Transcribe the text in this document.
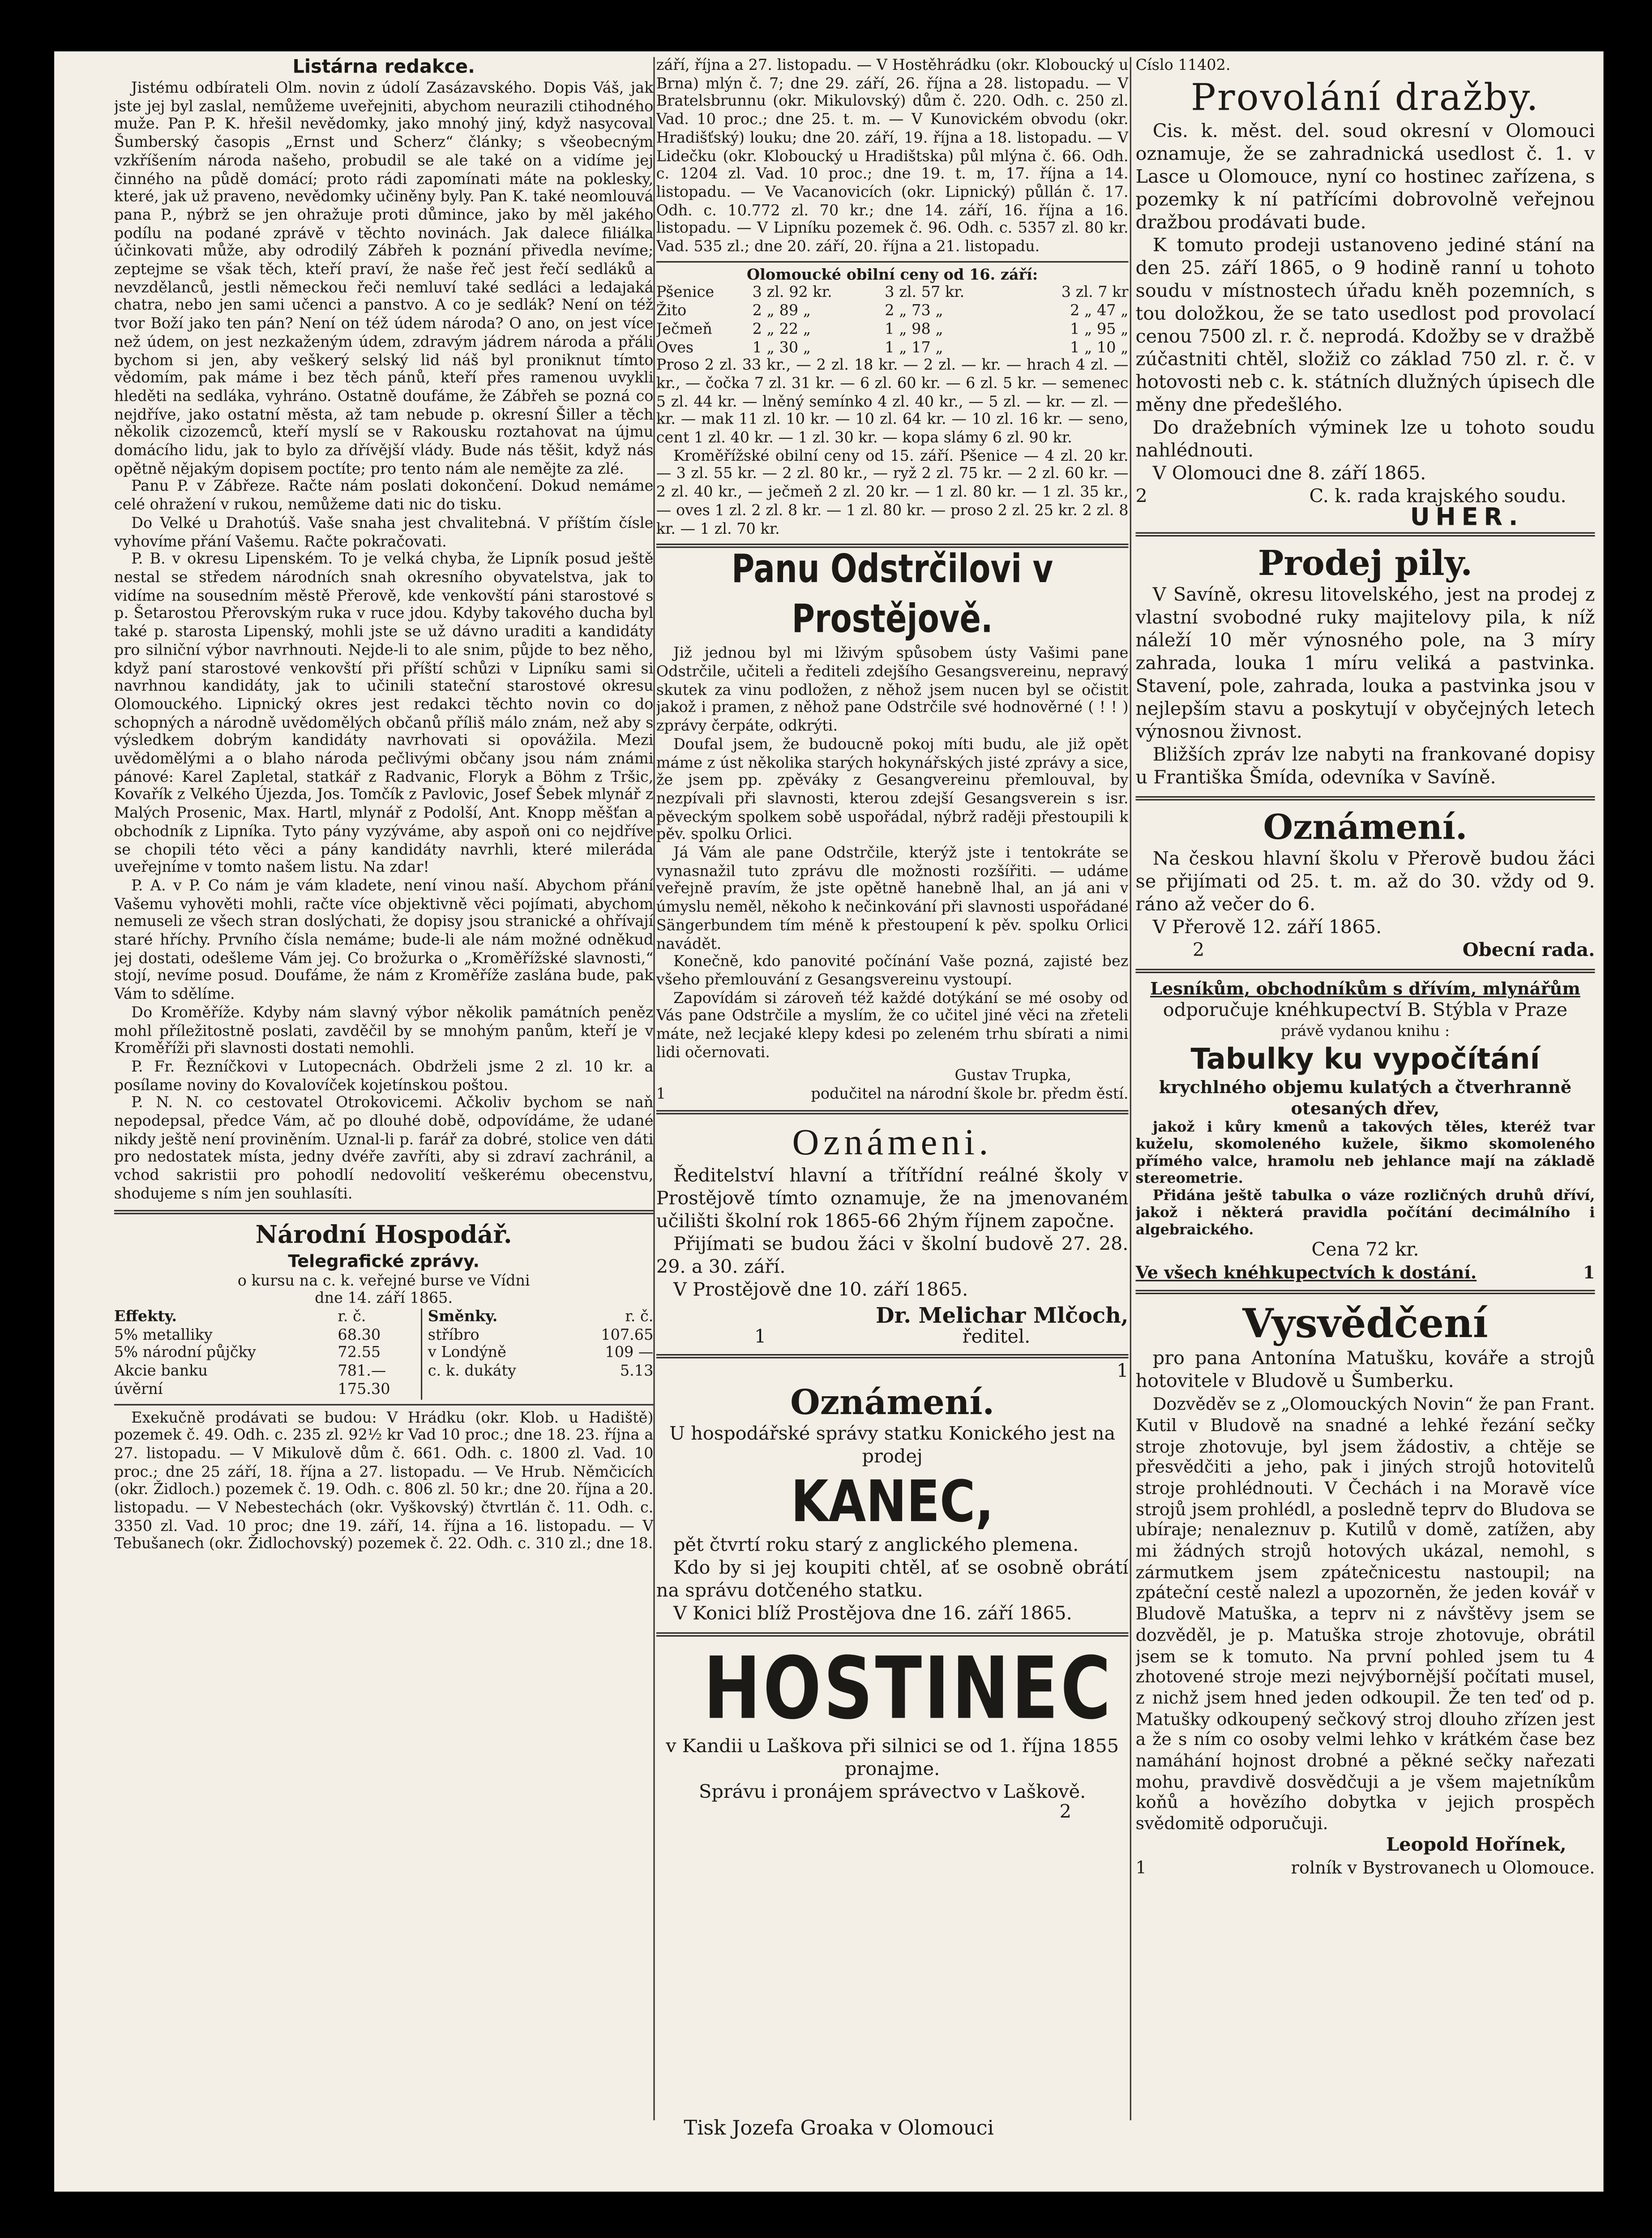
Listárna redakce.

Jistému odbírateli Olm. novin z údolí Zasázavského. Dopis Váš, jak jste jej byl zaslal, nemůžeme uveřejniti, abychom neurazili ctihodného muže. Pan P. K. hřešil nevědomky, jako mnohý jiný, když nasycoval Šumberský časopis „Ernst und Scherz“ články; s všeobecným vzkříšením národa našeho, probudil se ale také on a vidíme jej činného na půdě domácí; proto rádi zapomínati máte na poklesky, které, jak už praveno, nevědomky učiněny byly. Pan K. také neomlouvá pana P., nýbrž se jen ohražuje proti důmince, jako by měl jakého podílu na podané zprávě v těchto novinách. Jak dalece filiálka účinkovati může, aby odrodilý Zábřeh k poznání přivedla nevíme; zeptejme se však těch, kteří praví, že naše řeč jest řečí sedláků a nevzdělanců, jestli německou řeči nemluví také sedláci a ledajaká chatra, nebo jen sami učenci a panstvo. A co je sedlák? Není on též tvor Boží jako ten pán? Není on též údem národa? O ano, on jest více než údem, on jest nezkaženým údem, zdravým jádrem národa a přáli bychom si jen, aby veškerý selský lid náš byl proniknut tímto vědomím, pak máme i bez těch pánů, kteří přes ramenou uvykli hleděti na sedláka, vyhráno. Ostatně doufáme, že Zábřeh se pozná co nejdříve, jako ostatní města, až tam nebude p. okresní Šiller a těch několik cizozemců, kteří myslí se v Rakousku roztahovat na újmu domácího lidu, jak to bylo za dřívější vlády. Bude nás těšit, když nás opětně nějakým dopisem poctíte; pro tento nám ale nemějte za zlé.

Panu P. v Zábřeze. Račte nám poslati dokončení. Dokud nemáme celé ohražení v rukou, nemůžeme dati nic do tisku.

Do Velké u Drahotúš. Vaše snaha jest chvalitebná. V příštím čísle vyhovíme přání Vašemu. Račte pokračovati.

P. B. v okresu Lipenském. To je velká chyba, že Lipník posud ještě nestal se středem národních snah okresního obyvatelstva, jak to vidíme na sousedním městě Přerově, kde venkovští páni starostové s p. Šetarostou Přerovským ruka v ruce jdou. Kdyby takového ducha byl také p. starosta Lipenský, mohli jste se už dávno uraditi a kandidáty pro silniční výbor navrhnouti. Nejde-li to ale snim, půjde to bez něho, když paní starostové venkovští při příští schůzi v Lipníku sami si navrhnou kandidáty, jak to učinili stateční starostové okresu Olomouckého. Lipnický okres jest redakci těchto novin co do schopných a národně uvědomělých občanů příliš málo znám, než aby s výsledkem dobrým kandidáty navrhovati si opovážila. Mezi uvědomělými a o blaho národa pečlivými občany jsou nám známi pánové: Karel Zapletal, statkář z Radvanic, Floryk a Böhm z Tršic, Kovařík z Velkého Újezda, Jos. Tomčík z Pavlovic, Josef Šebek mlynář z Malých Prosenic, Max. Hartl, mlynář z Podolší, Ant. Knopp měšťan a obchodník z Lipníka. Tyto pány vyzýváme, aby aspoň oni co nejdříve se chopili této věci a pány kandidáty navrhli, které mileráda uveřejníme v tomto našem listu. Na zdar!

P. A. v P. Co nám je vám kladete, není vinou naší. Abychom přání Vašemu vyhověti mohli, račte více objektivně věci pojímati, abychom nemuseli ze všech stran doslýchati, že dopisy jsou stranické a ohřívají staré hříchy. Prvního čísla nemáme; bude-li ale nám možné odněkud jej dostati, odešleme Vám jej. Co brožurka o „Kroměřížské slavnosti,“ stojí, nevíme posud. Doufáme, že nám z Kroměříže zaslána bude, pak Vám to sdělíme.

Do Kroměříže. Kdyby nám slavný výbor několik památních peněz mohl příležitostně poslati, zavděčil by se mnohým panům, kteří je v Kroměříži při slavnosti dostati nemohli.

P. Fr. Řezníčkovi v Lutopecnách. Obdrželi jsme 2 zl. 10 kr. a posílame noviny do Kovalovíček kojetínskou poštou.

P. N. N. co cestovatel Otrokovicemi. Ačkoliv bychom se naň nepodepsal, předce Vám, ač po dlouhé době, odpovídáme, že udané nikdy ještě není proviněním. Uznal-li p. farář za dobré, stolice ven dáti pro nedostatek místa, jedny dvéře zavříti, aby si zdraví zachránil, a vchod sakristii pro pohodlí nedovolití veškerému obecenstvu, shodujeme s ním jen souhlasíti.

Národní Hospodář.
Telegrafické zprávy.

o kursu na c. k. veřejné burse ve Vídni

dne 14. září 1865.

Effekty.	r. č.	Směnky.	r. č.
5% metalliky	68.30	stříbro	107.65
5% národní půjčky	72.55	v Londýně	109 —
Akcie banku	781.—	c. k. dukáty	5.13
úvěrní	175.30		

Exekučně prodávati se budou: V Hrádku (okr. Klob. u Hadiště) pozemek č. 49. Odh. c. 235 zl. 92½ kr Vad 10 proc.; dne 18. 23. října a 27. listopadu. — V Mikulově dům č. 661. Odh. c. 1800 zl. Vad. 10 proc.; dne 25 září, 18. října a 27. listopadu. — Ve Hrub. Němčicích (okr. Židloch.) pozemek č. 19. Odh. c. 806 zl. 50 kr.; dne 20. října a 20. listopadu. — V Nebestechách (okr. Vyškovský) čtvrtlán č. 11. Odh. c. 3350 zl. Vad. 10 proc; dne 19. září, 14. října a 16. listopadu. — V Tebušanech (okr. Židlochovský) pozemek č. 22. Odh. c. 310 zl.; dne 18.

září, října a 27. listopadu. — V Hostěhrádku (okr. Kloboucký u Brna) mlýn č. 7; dne 29. září, 26. října a 28. listopadu. — V Bratelsbrunnu (okr. Mikulovský) dům č. 220. Odh. c. 250 zl. Vad. 10 proc.; dne 25. t. m. — V Kunovickém obvodu (okr. Hradišťský) louku; dne 20. září, 19. října a 18. listopadu. — V Lidečku (okr. Kloboucký u Hradištska) půl mlýna č. 66. Odh. c. 1204 zl. Vad. 10 proc.; dne 19. t. m, 17. října a 14. listopadu. — Ve Vacanovicích (okr. Lipnický) půllán č. 17. Odh. c. 10.772 zl. 70 kr.; dne 14. září, 16. října a 16. listopadu. — V Lipníku pozemek č. 96. Odh. c. 5357 zl. 80 kr. Vad. 535 zl.; dne 20. září, 20. října a 21. listopadu.

Olomoucké obilní ceny od 16. září:

Pšenice	3 zl. 92 kr.	3 zl. 57 kr.	3 zl. 7 kr
Žito	2 „ 89 „	2 „ 73 „	2 „ 47 „
Ječmeň	2 „ 22 „	1 „ 98 „	1 „ 95 „
Oves	1 „ 30 „	1 „ 17 „	1 „ 10 „

Proso 2 zl. 33 kr., — 2 zl. 18 kr. — 2 zl. — kr. — hrach 4 zl. — kr., — čočka 7 zl. 31 kr. — 6 zl. 60 kr. — 6 zl. 5 kr. — semenec 5 zl. 44 kr. — lněný semínko 4 zl. 40 kr., — 5 zl. — kr. — zl. — kr. — mak 11 zl. 10 kr. — 10 zl. 64 kr. — 10 zl. 16 kr. — seno, cent 1 zl. 40 kr. — 1 zl. 30 kr. — kopa slámy 6 zl. 90 kr.

Kroměřížské obilní ceny od 15. září. Pšenice — 4 zl. 20 kr. — 3 zl. 55 kr. — 2 zl. 80 kr., — ryž 2 zl. 75 kr. — 2 zl. 60 kr. — 2 zl. 40 kr., — ječmeň 2 zl. 20 kr. — 1 zl. 80 kr. — 1 zl. 35 kr., — oves 1 zl. 2 zl. 8 kr. — 1 zl. 80 kr. — proso 2 zl. 25 kr. 2 zl. 8 kr. — 1 zl. 70 kr.

Panu Odstrčilovi v Prostějově.

Již jednou byl mi lživým spůsobem ústy Vašimi pane Odstrčile, učiteli a řediteli zdejšího Gesangsvereinu, nepravý skutek za vinu podložen, z něhož jsem nucen byl se očistit jakož i pramen, z něhož pane Odstrčile své hodnověrné ( ! ! ) zprávy čerpáte, odkrýti.

Doufal jsem, že budoucně pokoj míti budu, ale již opět máme z úst několika starých hokynářských jisté zprávy a sice, že jsem pp. zpěváky z Gesangvereinu přemlouval, by nezpívali při slavnosti, kterou zdejší Gesangsverein s isr. pěveckým spolkem sobě uspořádal, nýbrž raději přestoupili k pěv. spolku Orlici.

Já Vám ale pane Odstrčile, kterýž jste i tentokráte se vynasnažil tuto zprávu dle možnosti rozšířiti. — udáme veřejně pravím, že jste opětně hanebně lhal, an já ani v úmyslu neměl, někoho k nečinkování při slavnosti uspořádané Sängerbundem tím méně k přestoupení k pěv. spolku Orlici navádět.

Konečně, kdo panovité počínání Vaše pozná, zajisté bez všeho přemlouvání z Gesangsvereinu vystoupí.

Zapovídám si zároveň též každé dotýkání se mé osoby od Vás pane Odstrčile a myslím, že co učitel jiné věci na zřeteli máte, než lecjaké klepy kdesi po zeleném trhu sbírati a nimi lidi očernovati.

Gustav Trupka,

1	podučitel na národní škole br. předm ěstí.
Oznámeni.

Ředitelství hlavní a třítřídní reálné školy v Prostějově tímto oznamuje, že na jmenovaném učilišti školní rok 1865-66 2hým říjnem započne.

Přijímati se budou žáci v školní budově 27. 28. 29. a 30. září.

V Prostějově dne 10. září 1865.

Dr. Melichar Mlčoch,

1	ředitel.
1
Oznámení.

U hospodářské správy statku Konického jest na prodej

KANEC,

pět čtvrtí roku starý z anglického plemena.

Kdo by si jej koupiti chtěl, ať se osobně obrátí na správu dotčeného statku.

V Konici blíž Prostějova dne 16. září 1865.

HOSTINEC

v Kandii u Laškova při silnici se od 1. října 1855 pronajme.

Správu i pronájem správectvo v Laškově.

2

Císlo 11402.

Provolání dražby.

Cis. k. měst. del. soud okresní v Olomouci oznamuje, že se zahradnická usedlost č. 1. v Lasce u Olomouce, nyní co hostinec zařízena, s pozemky k ní patřícími dobrovolně veřejnou dražbou prodávati bude.

K tomuto prodeji ustanoveno jediné stání na den 25. září 1865, o 9 hodině ranní u tohoto soudu v místnostech úřadu kněh pozemních, s tou doložkou, že se tato usedlost pod provolací cenou 7500 zl. r. č. neprodá. Kdožby se v dražbě zúčastniti chtěl, složiž co základ 750 zl. r. č. v hotovosti neb c. k. státních dlužných úpisech dle měny dne předešlého.

Do dražebních výminek lze u tohoto soudu nahlédnouti.

V Olomouci dne 8. září 1865.

2	C. k. rada krajského soudu.

UHER.

Prodej pily.

V Savíně, okresu litovelského, jest na prodej z vlastní svobodné ruky majitelovy pila, k níž náleží 10 měr výnosného pole, na 3 míry zahrada, louka 1 míru veliká a pastvinka. Stavení, pole, zahrada, louka a pastvinka jsou v nejlepším stavu a poskytují v obyčejných letech výnosnou živnost.

Bližších zpráv lze nabyti na frankované dopisy u Františka Šmída, odevníka v Savíně.

Oznámení.

Na českou hlavní školu v Přerově budou žáci se přijímati od 25. t. m. až do 30. vždy od 9. ráno až večer do 6.

V Přerově 12. září 1865.

2	Obecní rada.

Lesníkům, obchodníkům s dřívím, mlynářům

odporučuje knéhkupectví B. Stýbla v Praze

právě vydanou knihu :

Tabulky ku vypočítání

krychlného objemu kulatých a čtverhranně otesaných dřev,

jakož i kůry kmenů a takových těles, kteréž tvar kuželu, skomoleného kužele, šikmo skomoleného přímého valce, hramolu neb jehlance mají na základě stereometrie.

Přidána ještě tabulka o váze rozličných druhů dříví, jakož i některá pravidla počítání decimálního i algebraického.

Cena 72 kr.

Ve všech knéhkupectvích k dostání.	1
Vysvědčení

pro pana Antonína Matušku, kováře a strojů hotovitele v Bludově u Šumberku.

Dozvěděv se z „Olomouckých Novin“ že pan Frant. Kutil v Bludově na snadné a lehké řezání sečky stroje zhotovuje, byl jsem žádostiv, a chtěje se přesvědčiti a jeho, pak i jiných strojů hotovitelů stroje prohlédnouti. V Čechách i na Moravě více strojů jsem prohlédl, a posledně teprv do Bludova se ubíraje; nenaleznuv p. Kutilů v domě, zatížen, aby mi žádných strojů hotových ukázal, nemohl, s zármutkem jsem zpátečnicestu nastoupil; na zpáteční cestě nalezl a upozorněn, že jeden kovář v Bludově Matuška, a teprv ni z návštěvy jsem se dozvěděl, je p. Matuška stroje zhotovuje, obrátil jsem se k tomuto. Na první pohled jsem tu 4 zhotovené stroje mezi nejvýbornější počítati musel, z nichž jsem hned jeden odkoupil. Že ten teď od p. Matušky odkoupený sečkový stroj dlouho zřízen jest a že s ním co osoby velmi lehko v krátkém čase bez namáhání hojnost drobné a pěkné sečky nařezati mohu, pravdivě dosvědčuji a je všem majetníkům koňů a hovězího dobytka v jejich prospěch svědomitě odporučuji.

Leopold Hořínek,

1	rolník v Bystrovanech u Olomouce.
Tisk Jozefa Groaka v Olomouci
